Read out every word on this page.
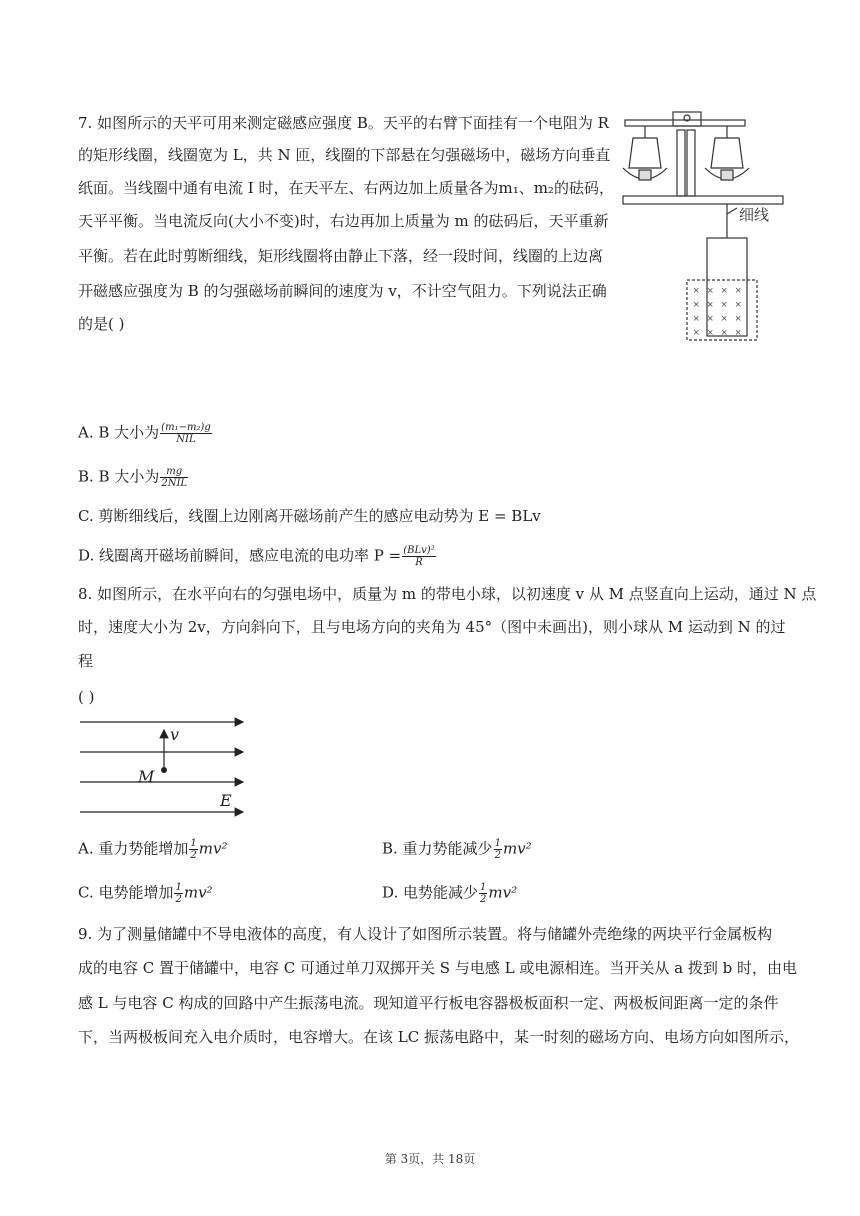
7. 如图所示的天平可用来测定磁感应强度 B。天平的右臂下面挂有一个电阻为 R
的矩形线圈，线圈宽为 L，共 N 匝，线圈的下部悬在匀强磁场中，磁场方向垂直
纸面。当线圈中通有电流 I 时，在天平左、右两边加上质量各为m₁、m₂的砝码，
天平平衡。当电流反向(大小不变)时，右边再加上质量为 m 的砝码后，天平重新
平衡。若在此时剪断细线，矩形线圈将由静止下落，经一段时间，线圈的上边离
开磁感应强度为 B 的匀强磁场前瞬间的速度为 v，不计空气阻力。下列说法正确
的是( )
细线
× × × ×
× × × ×
× × × ×
× × × ×
A. B 大小为 $\frac{\text{(m₁−m₂)g}}{\text{NIL}}$
B. B 大小为 $\frac{mg}{\text{2NIL}}$
C. 剪断细线后，线圈上边刚离开磁场前产生的感应电动势为 E = BLv
D. 线圈离开磁场前瞬间，感应电流的电功率 $P = \frac{\text{(BLv)²}}{R}$
8. 如图所示，在水平向右的匀强电场中，质量为 m 的带电小球，以初速度 v 从 M 点竖直向上运动，通过 N 点
时，速度大小为 2v，方向斜向下，且与电场方向的夹角为 45°（图中未画出)，则小球从 M 运动到 N 的过
程
( )
v
M
E
A. 重力势能增加 $\frac{1}{2} mv^2$	B. 重力势能减少 $\frac{1}{2} mv^2$
C. 电势能增加 $\frac{1}{2} mv^2$	D. 电势能减少 $\frac{1}{2} mv^2$
9. 为了测量储罐中不导电液体的高度，有人设计了如图所示装置。将与储罐外壳绝缘的两块平行金属板构
成的电容 C 置于储罐中，电容 C 可通过单刀双掷开关 S 与电感 L 或电源相连。当开关从 a 拨到 b 时，由电
感 L 与电容 C 构成的回路中产生振荡电流。现知道平行板电容器极板面积一定、两极板间距离一定的条件
下，当两极板间充入电介质时，电容增大。在该 LC 振荡电路中，某一时刻的磁场方向、电场方向如图所示，
第 3页，共 18页
